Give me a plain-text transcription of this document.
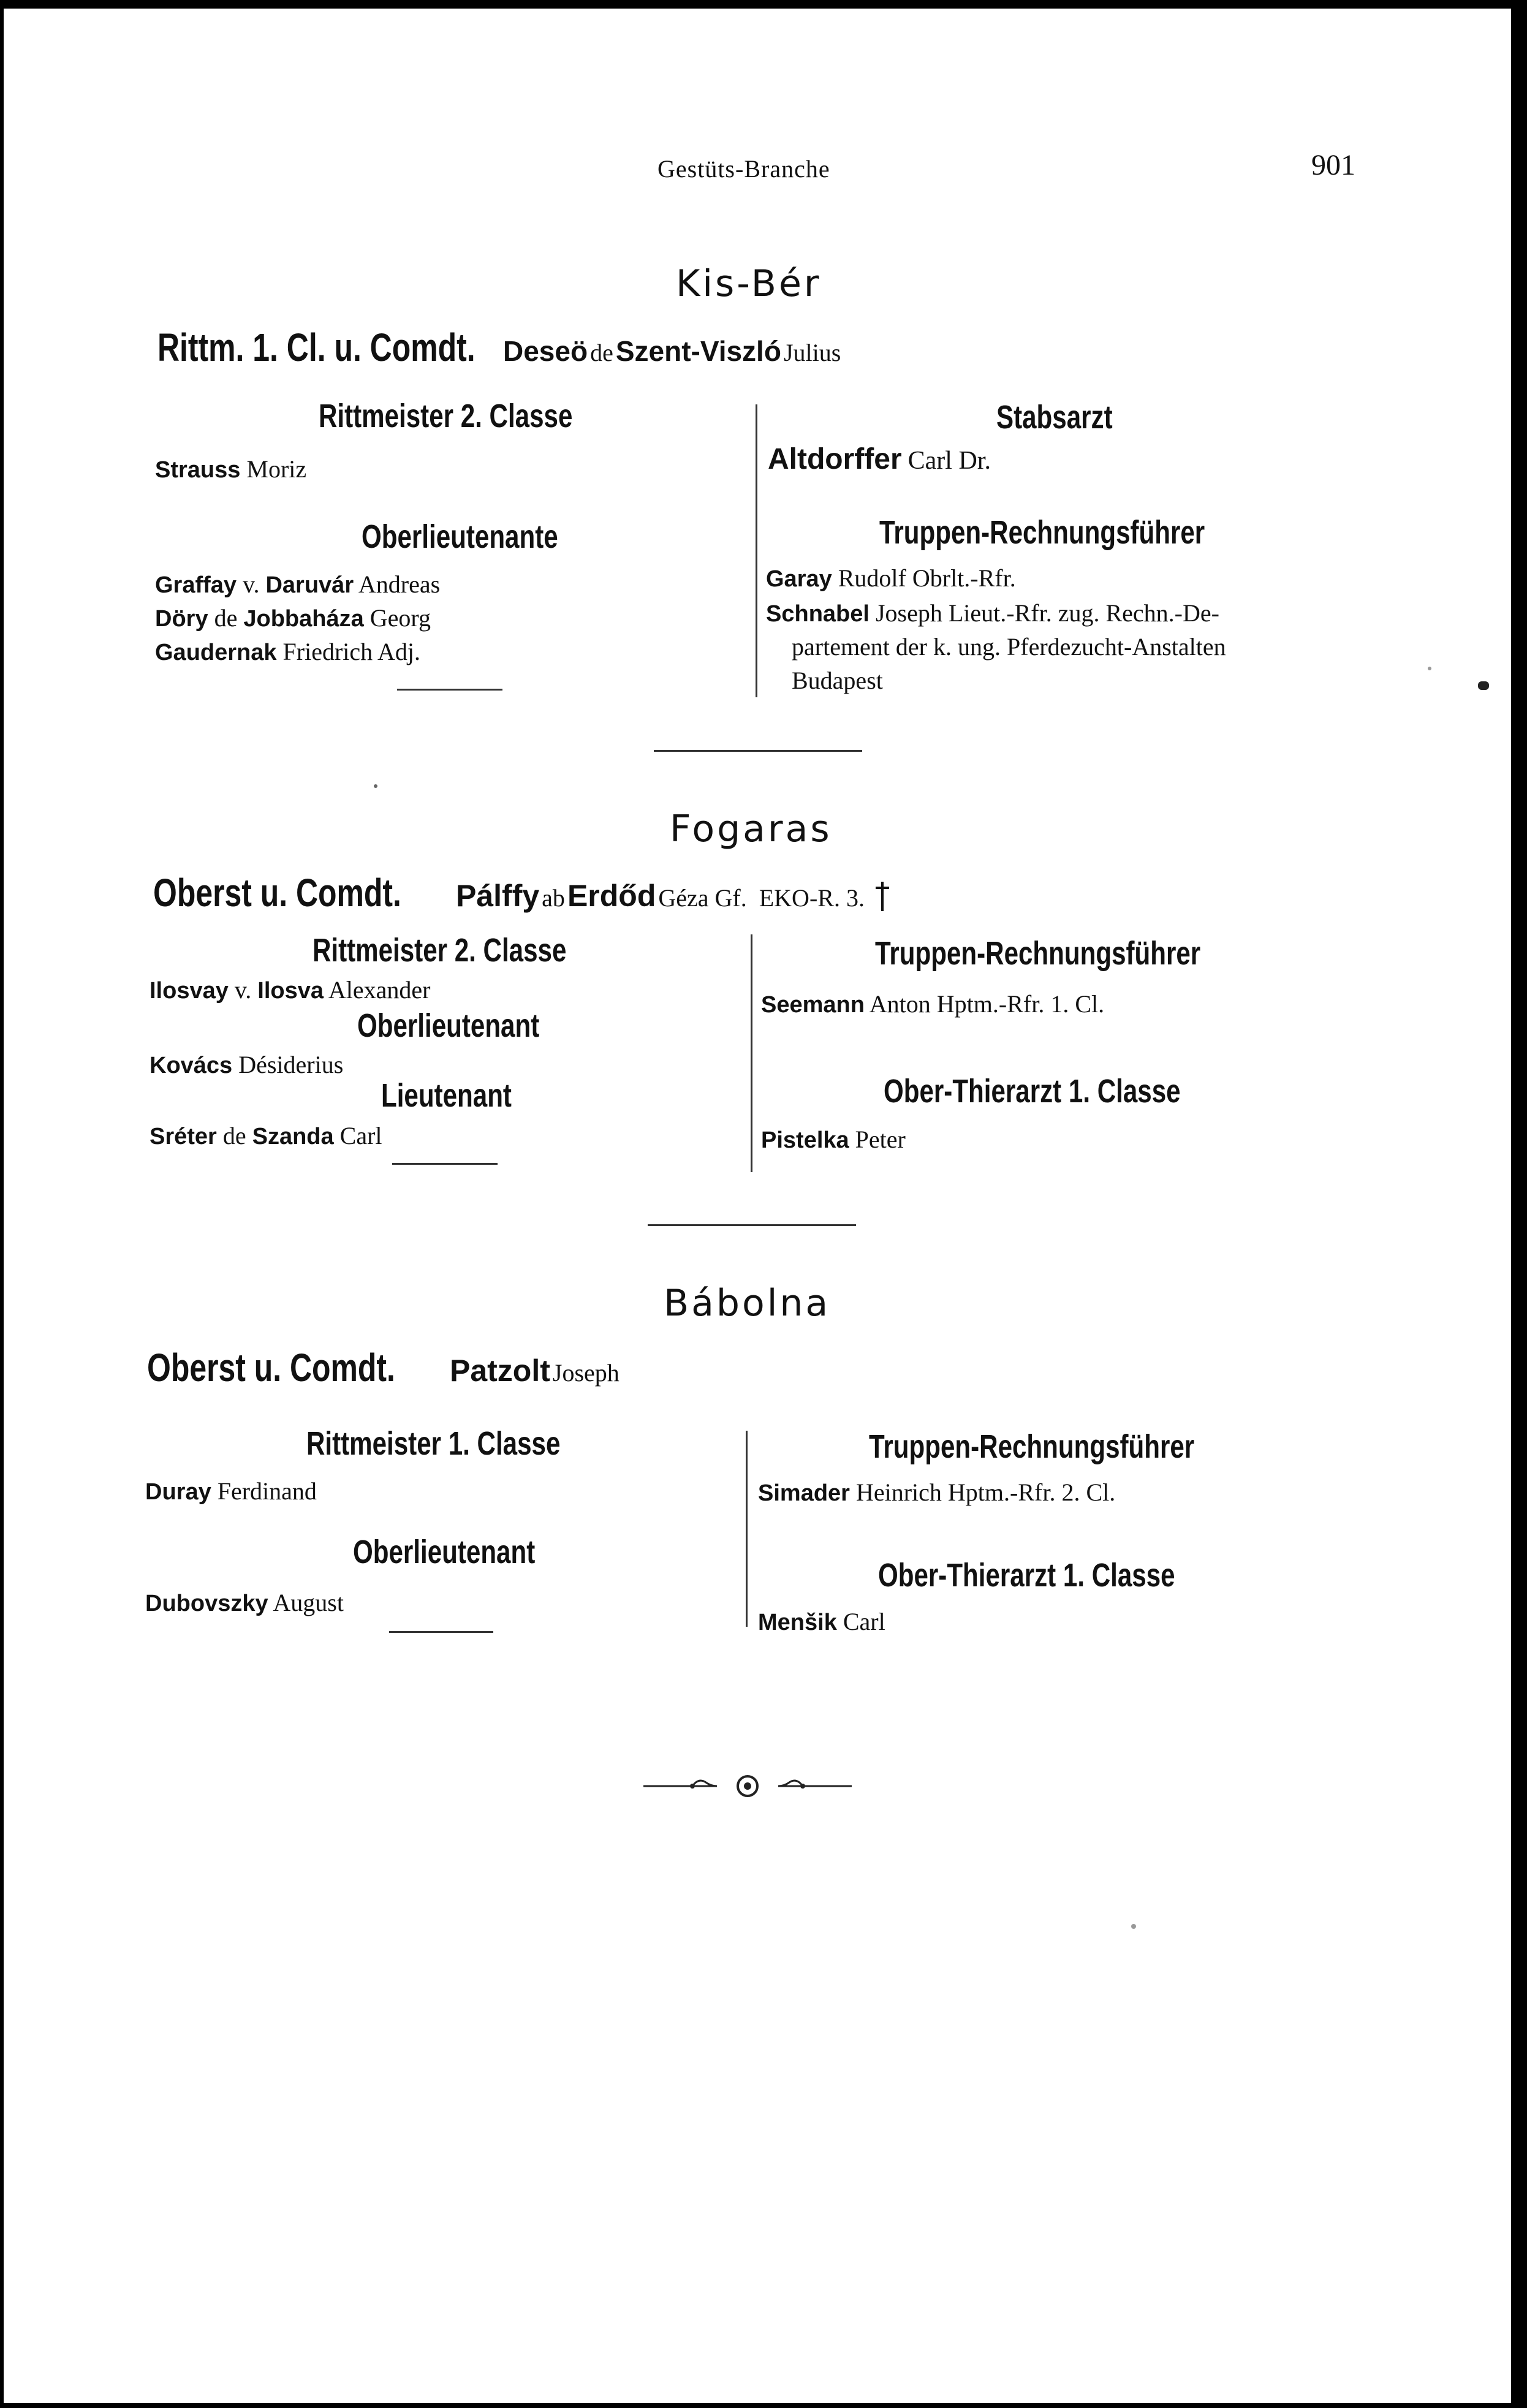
Gestüts-Branche	901
Kis-Bér
Rittm. 1. Cl. u. Comdt. Deseö de Szent-Viszló Julius
Rittmeister 2. Classe
Strauss Moriz
Oberlieutenante
Graffay v. Daruvár Andreas
Döry de Jobbaháza Georg
Gaudernak Friedrich Adj.
Stabsarzt
Altdorffer Carl Dr.
Truppen-Rechnungsführer
Garay Rudolf Obrlt.-Rfr.
Schnabel Joseph Lieut.-Rfr. zug. Rechn.-De-
partement der k. ung. Pferdezucht-Anstalten
Budapest
Fogaras
Oberst u. Comdt. Pálffy ab Erdőd Géza Gf. EKO-R. 3.
Rittmeister 2. Classe
Ilosvay v. Ilosva Alexander
Oberlieutenant
Kovács Désiderius
Lieutenant
Sréter de Szanda Carl
Truppen-Rechnungsführer
Seemann Anton Hptm.-Rfr. 1. Cl.
Ober-Thierarzt 1. Classe
Pistelka Peter
Bábolna
Oberst u. Comdt. Patzolt Joseph
Rittmeister 1. Classe
Duray Ferdinand
Oberlieutenant
Dubovszky August
Truppen-Rechnungsführer
Simader Heinrich Hptm.-Rfr. 2. Cl.
Ober-Thierarzt 1. Classe
Menšik Carl
